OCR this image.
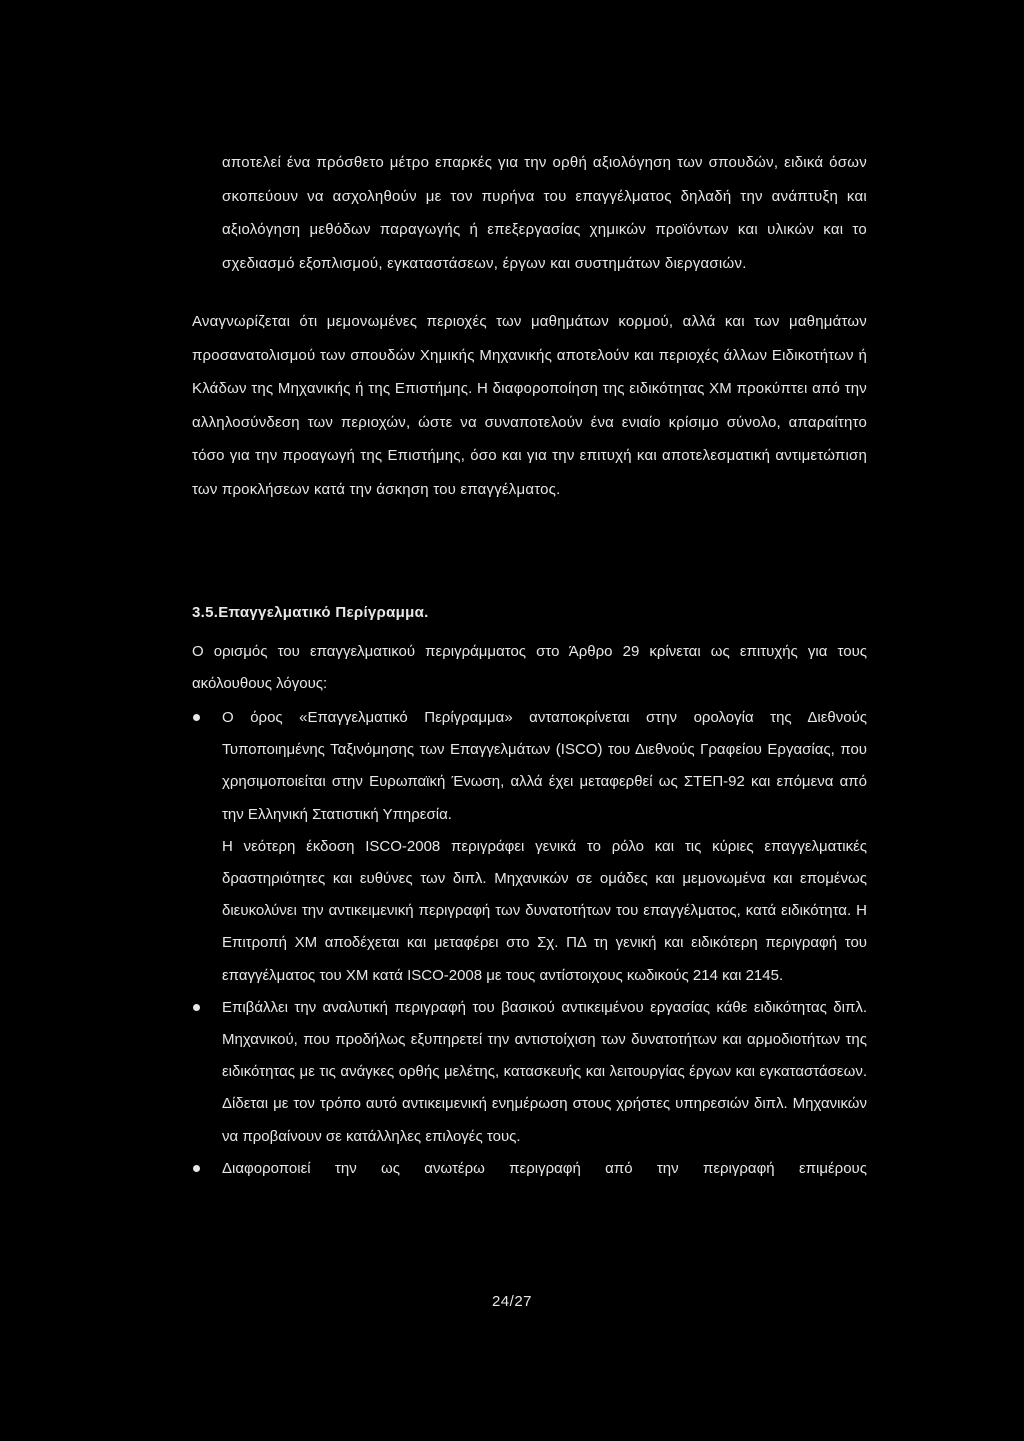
αποτελεί ένα πρόσθετο μέτρο επαρκές για την ορθή αξιολόγηση των σπουδών, ειδικά όσων σκοπεύουν να ασχοληθούν με τον πυρήνα του επαγγέλματος δηλαδή την ανάπτυξη και αξιολόγηση μεθόδων παραγωγής ή επεξεργασίας χημικών προϊόντων και υλικών και το σχεδιασμό εξοπλισμού, εγκαταστάσεων, έργων και συστημάτων διεργασιών.

Αναγνωρίζεται ότι μεμονωμένες περιοχές των μαθημάτων κορμού, αλλά και των μαθημάτων προσανατολισμού των σπουδών Χημικής Μηχανικής αποτελούν και περιοχές άλλων Ειδικοτήτων ή Κλάδων της Μηχανικής ή της Επιστήμης. Η διαφοροποίηση της ειδικότητας ΧΜ προκύπτει από την αλληλοσύνδεση των περιοχών, ώστε να συναποτελούν ένα ενιαίο κρίσιμο σύνολο, απαραίτητο τόσο για την προαγωγή της Επιστήμης, όσο και για την επιτυχή και αποτελεσματική αντιμετώπιση των προκλήσεων κατά την άσκηση του επαγγέλματος.

3.5.Επαγγελματικό Περίγραμμα.

Ο ορισμός του επαγγελματικού περιγράμματος στο Άρθρο 29 κρίνεται ως επιτυχής για τους ακόλουθους λόγους:

Ο όρος «Επαγγελματικό Περίγραμμα» ανταποκρίνεται στην ορολογία της Διεθνούς Τυποποιημένης Ταξινόμησης των Επαγγελμάτων (ISCO) του Διεθνούς Γραφείου Εργασίας, που χρησιμοποιείται στην Ευρωπαϊκή Ένωση, αλλά έχει μεταφερθεί ως ΣΤΕΠ-92 και επόμενα από την Ελληνική Στατιστική Υπηρεσία.

Η νεότερη έκδοση ISCO-2008 περιγράφει γενικά το ρόλο και τις κύριες επαγγελματικές δραστηριότητες και ευθύνες των διπλ. Μηχανικών σε ομάδες και μεμονωμένα και επομένως διευκολύνει την αντικειμενική περιγραφή των δυνατοτήτων του επαγγέλματος, κατά ειδικότητα. Η Επιτροπή ΧΜ αποδέχεται και μεταφέρει στο Σχ. ΠΔ τη γενική και ειδικότερη περιγραφή του επαγγέλματος του ΧΜ κατά ISCO-2008 με τους αντίστοιχους κωδικούς 214 και 2145.

Επιβάλλει την αναλυτική περιγραφή του βασικού αντικειμένου εργασίας κάθε ειδικότητας διπλ. Μηχανικού, που προδήλως εξυπηρετεί την αντιστοίχιση των δυνατοτήτων και αρμοδιοτήτων της ειδικότητας με τις ανάγκες ορθής μελέτης, κατασκευής και λειτουργίας έργων και εγκαταστάσεων. Δίδεται με τον τρόπο αυτό αντικειμενική ενημέρωση στους χρήστες υπηρεσιών διπλ. Μηχανικών να προβαίνουν σε κατάλληλες επιλογές τους.

Διαφοροποιεί την ως ανωτέρω περιγραφή από την περιγραφή επιμέρους

24/27
